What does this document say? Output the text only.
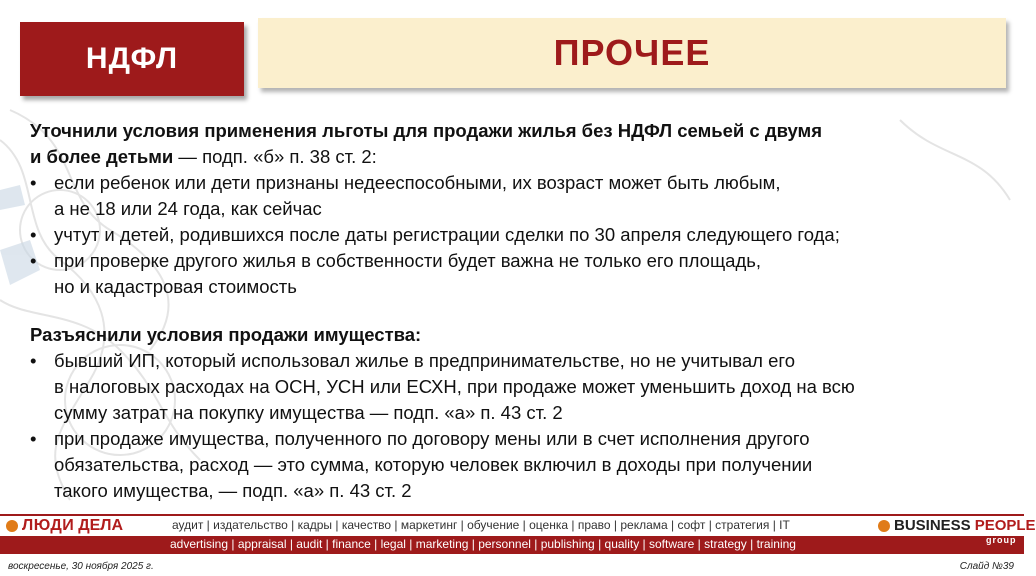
НДФЛ	ПРОЧЕЕ

Уточнили условия применения льготы для продажи жилья без НДФЛ семьей с двумя
и более детьми — подп. «б» п. 38 ст. 2:

• если ребенок или дети признаны недееспособными, их возраст может быть любым,
а не 18 или 24 года, как сейчас
• учтут и детей, родившихся после даты регистрации сделки по 30 апреля следующего года;
• при проверке другого жилья в собственности будет важна не только его площадь,
но и кадастровая стоимость

Разъяснили условия продажи имущества:

• бывший ИП, который использовал жилье в предпринимательстве, но не учитывал его
в налоговых расходах на ОСН, УСН или ЕСХН, при продаже может уменьшить доход на всю
сумму затрат на покупку имущества — подп. «а» п. 43 ст. 2
• при продаже имущества, полученного по договору мены или в счет исполнения другого
обязательства, расход — это сумма, которую человек включил в доходы при получении
такого имущества, — подп. «а» п. 43 ст. 2
ЛЮДИ ДЕЛА	аудит | издательство | кадры | качество | маркетинг | обучение | оценка | право | реклама | софт | стратегия | IT
advertising | appraisal | audit | finance | legal | marketing | personnel | publishing | quality | software | strategy | training
BUSINESS PEOPLE
group
воскресенье, 30 ноября 2025 г.	Слайд №39
